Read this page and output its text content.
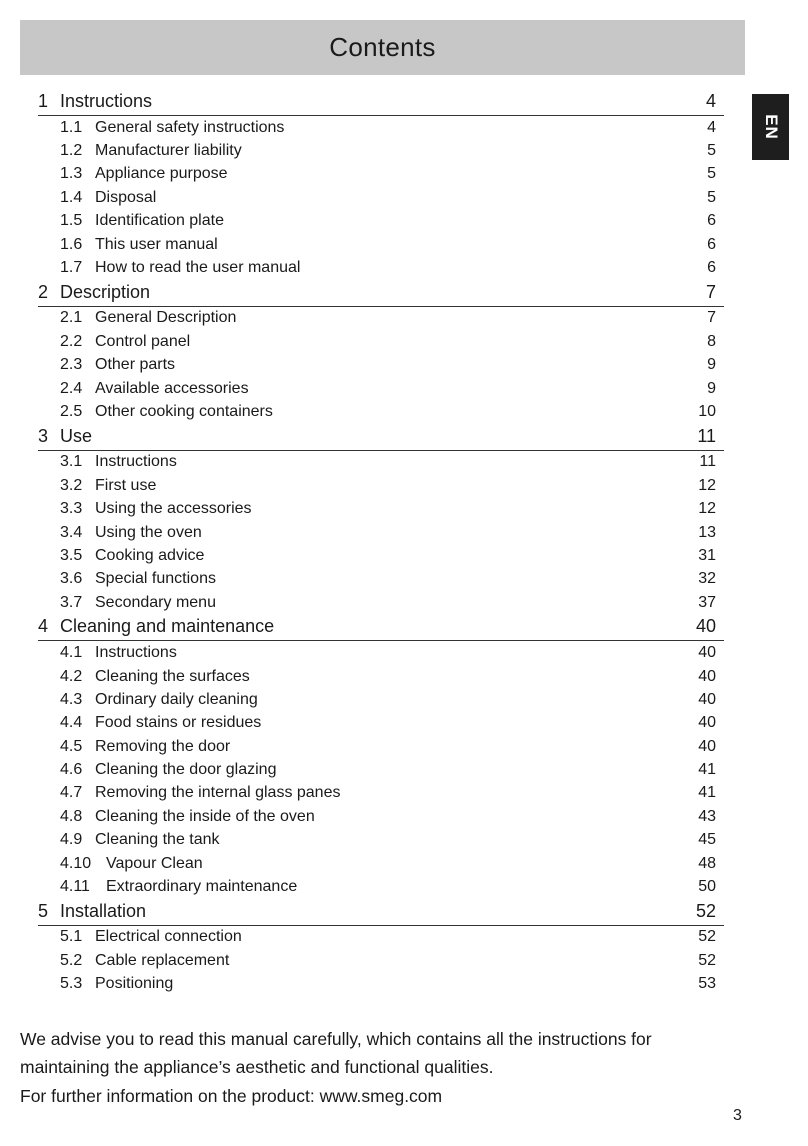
Contents
EN
1 Instructions	4
1.1 General safety instructions	4
1.2 Manufacturer liability	5
1.3 Appliance purpose	5
1.4 Disposal	5
1.5 Identification plate	6
1.6 This user manual	6
1.7 How to read the user manual	6
2 Description	7
2.1 General Description	7
2.2 Control panel	8
2.3 Other parts	9
2.4 Available accessories	9
2.5 Other cooking containers	10
3 Use	11
3.1 Instructions	11
3.2 First use	12
3.3 Using the accessories	12
3.4 Using the oven	13
3.5 Cooking advice	31
3.6 Special functions	32
3.7 Secondary menu	37
4 Cleaning and maintenance	40
4.1 Instructions	40
4.2 Cleaning the surfaces	40
4.3 Ordinary daily cleaning	40
4.4 Food stains or residues	40
4.5 Removing the door	40
4.6 Cleaning the door glazing	41
4.7 Removing the internal glass panes	41
4.8 Cleaning the inside of the oven	43
4.9 Cleaning the tank	45
4.10 Vapour Clean	48
4.11 Extraordinary maintenance	50
5 Installation	52
5.1 Electrical connection	52
5.2 Cable replacement	52
5.3 Positioning	53

We advise you to read this manual carefully, which contains all the instructions for maintaining the appliance’s aesthetic and functional qualities.

For further information on the product: www.smeg.com

3
